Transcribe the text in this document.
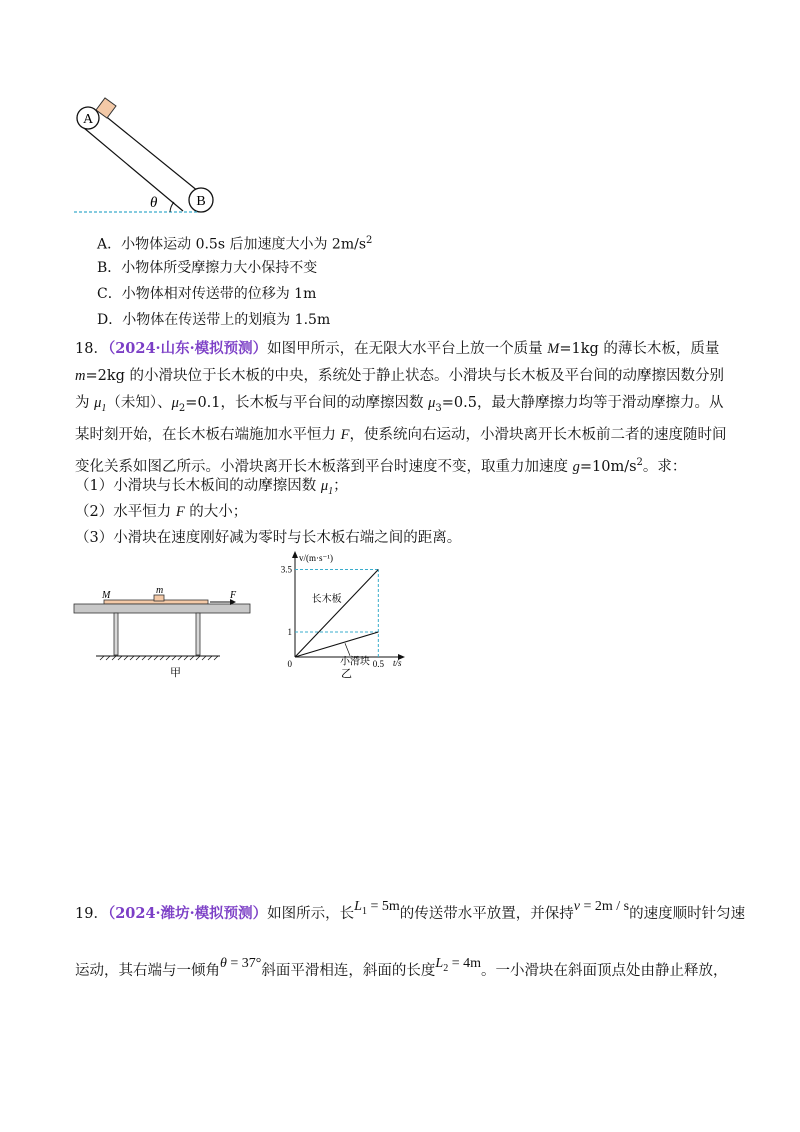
A
B
θ
A．小物体运动 0.5s 后加速度大小为 $2m/s^2$
B．小物体所受摩擦力大小保持不变
C．小物体相对传送带的位移为 1m
D．小物体在传送带上的划痕为 1.5m
18．（2024·山东·模拟预测）如图甲所示，在无限大水平台上放一个质量 M=1kg 的薄长木板，质量 m=2kg 的小滑块位于长木板的中央，系统处于静止状态。小滑块与长木板及平台间的动摩擦因数分别为 $\mu_1$（未知）、$\mu_2=0.1$，长木板与平台间的动摩擦因数 $\mu_3=0.5$，最大静摩擦力均等于滑动摩擦力。从某时刻开始，在长木板右端施加水平恒力 F，使系统向右运动，小滑块离开长木板前二者的速度随时间变化关系如图乙所示。小滑块离开长木板落到平台时速度不变，取重力加速度 $g=10m/s^2$。求：
（1）小滑块与长木板间的动摩擦因数 $\mu_1$；
（2）水平恒力 F 的大小；
（3）小滑块在速度刚好减为零时与长木板右端之间的距离。
M	m	F
甲
长木板
小滑块
1
3.5
0	0.5
v/(m·s⁻¹)
t/s
乙
19．（2024·潍坊·模拟预测）如图所示，长$L_1 = 5m$的传送带水平放置，并保持v = 2m / s的速度顺时针匀速
运动，其右端与一倾角θ = 37°斜面平滑相连，斜面的长度$L_2 = 4m$。一小滑块在斜面顶点处由静止释放，
